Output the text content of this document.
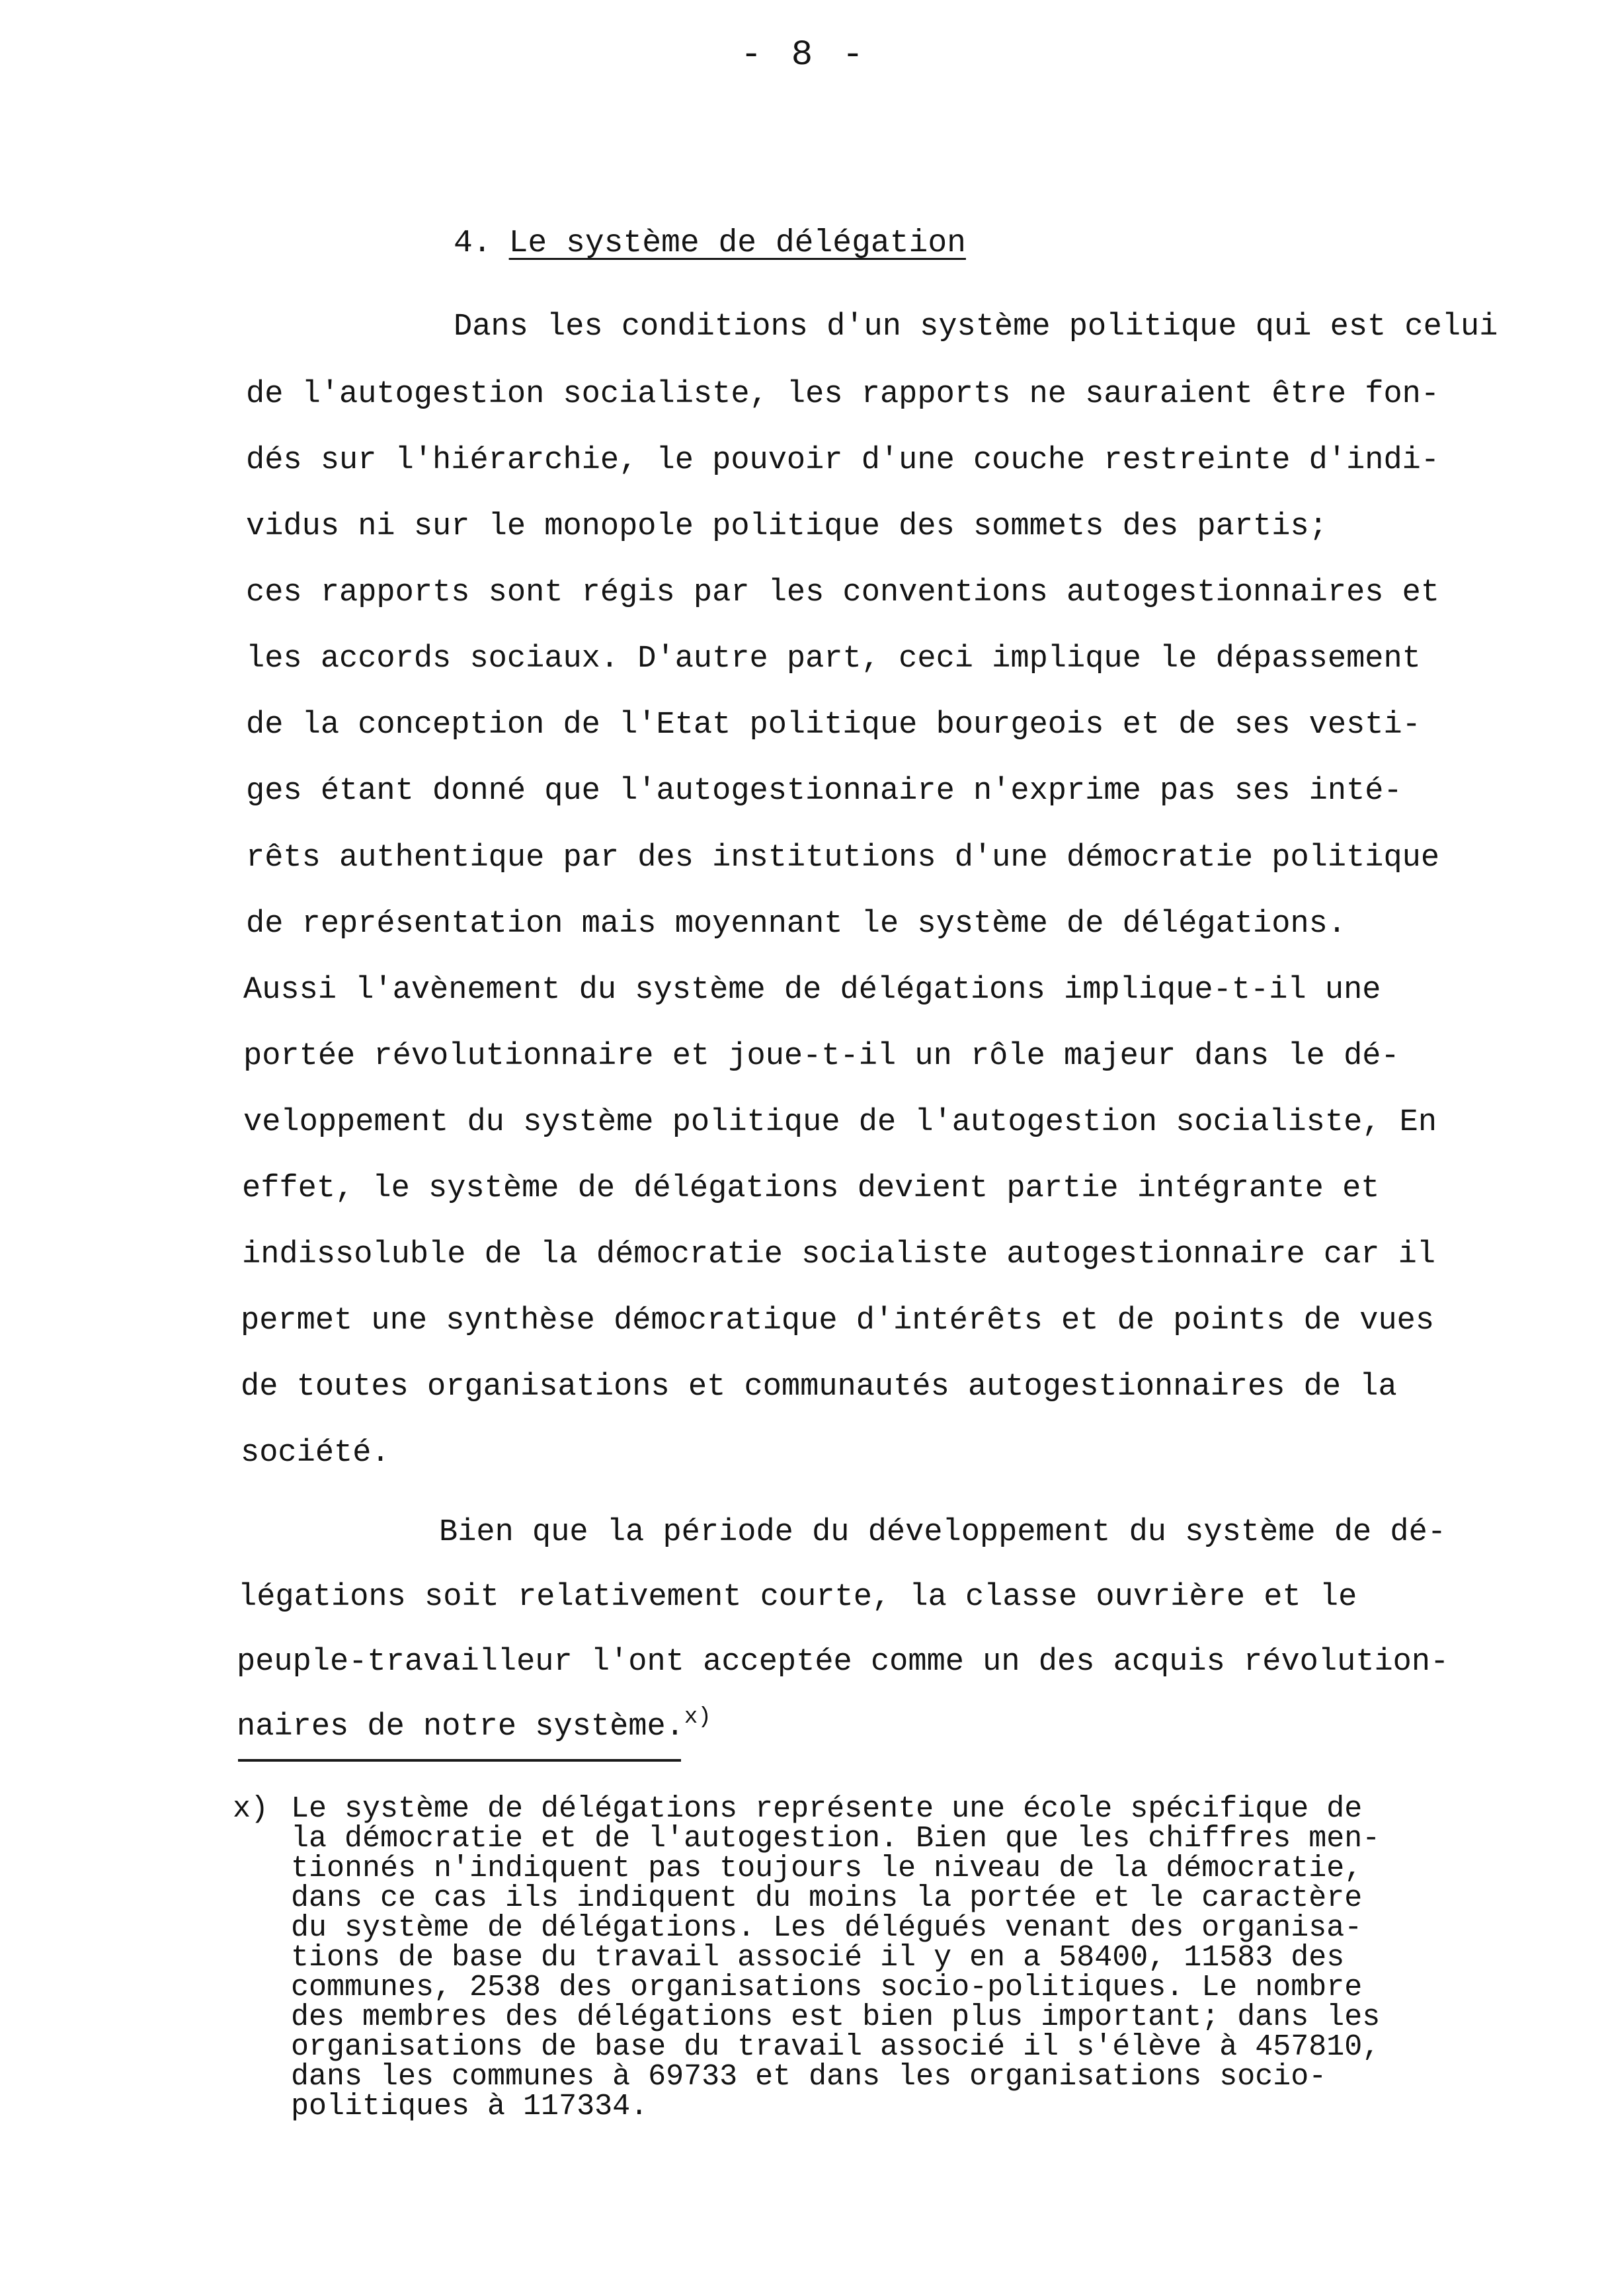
- 8 -
4. Le système de délégation
Dans les conditions d'un système politique qui est celui
de l'autogestion socialiste, les rapports ne sauraient être fon-
dés sur l'hiérarchie, le pouvoir d'une couche restreinte d'indi-
vidus ni sur le monopole politique des sommets des partis;
ces rapports sont régis par les conventions autogestionnaires et
les accords sociaux. D'autre part, ceci implique le dépassement
de la conception de l'Etat politique bourgeois et de ses vesti-
ges étant donné que l'autogestionnaire n'exprime pas ses inté-
rêts authentique par des institutions d'une démocratie politique
de représentation mais moyennant le système de délégations.
Aussi l'avènement du système de délégations implique-t-il une
portée révolutionnaire et joue-t-il un rôle majeur dans le dé-
veloppement du système politique de l'autogestion socialiste, En
effet, le système de délégations devient partie intégrante et
indissoluble de la démocratie socialiste autogestionnaire car il
permet une synthèse démocratique d'intérêts et de points de vues
de toutes organisations et communautés autogestionnaires de la
société.
Bien que la période du développement du système de dé-
légations soit relativement courte, la classe ouvrière et le
peuple-travailleur l'ont acceptée comme un des acquis révolution-
naires de notre système.$^{x)}$
x) Le système de délégations représente une école spécifique de
la démocratie et de l'autogestion. Bien que les chiffres men-
tionnés n'indiquent pas toujours le niveau de la démocratie,
dans ce cas ils indiquent du moins la portée et le caractère
du système de délégations. Les délégués venant des organisa-
tions de base du travail associé il y en a 58400, 11583 des
communes, 2538 des organisations socio-politiques. Le nombre
des membres des délégations est bien plus important; dans les
organisations de base du travail associé il s'élève à 457810,
dans les communes à 69733 et dans les organisations socio-
politiques à 117334.
